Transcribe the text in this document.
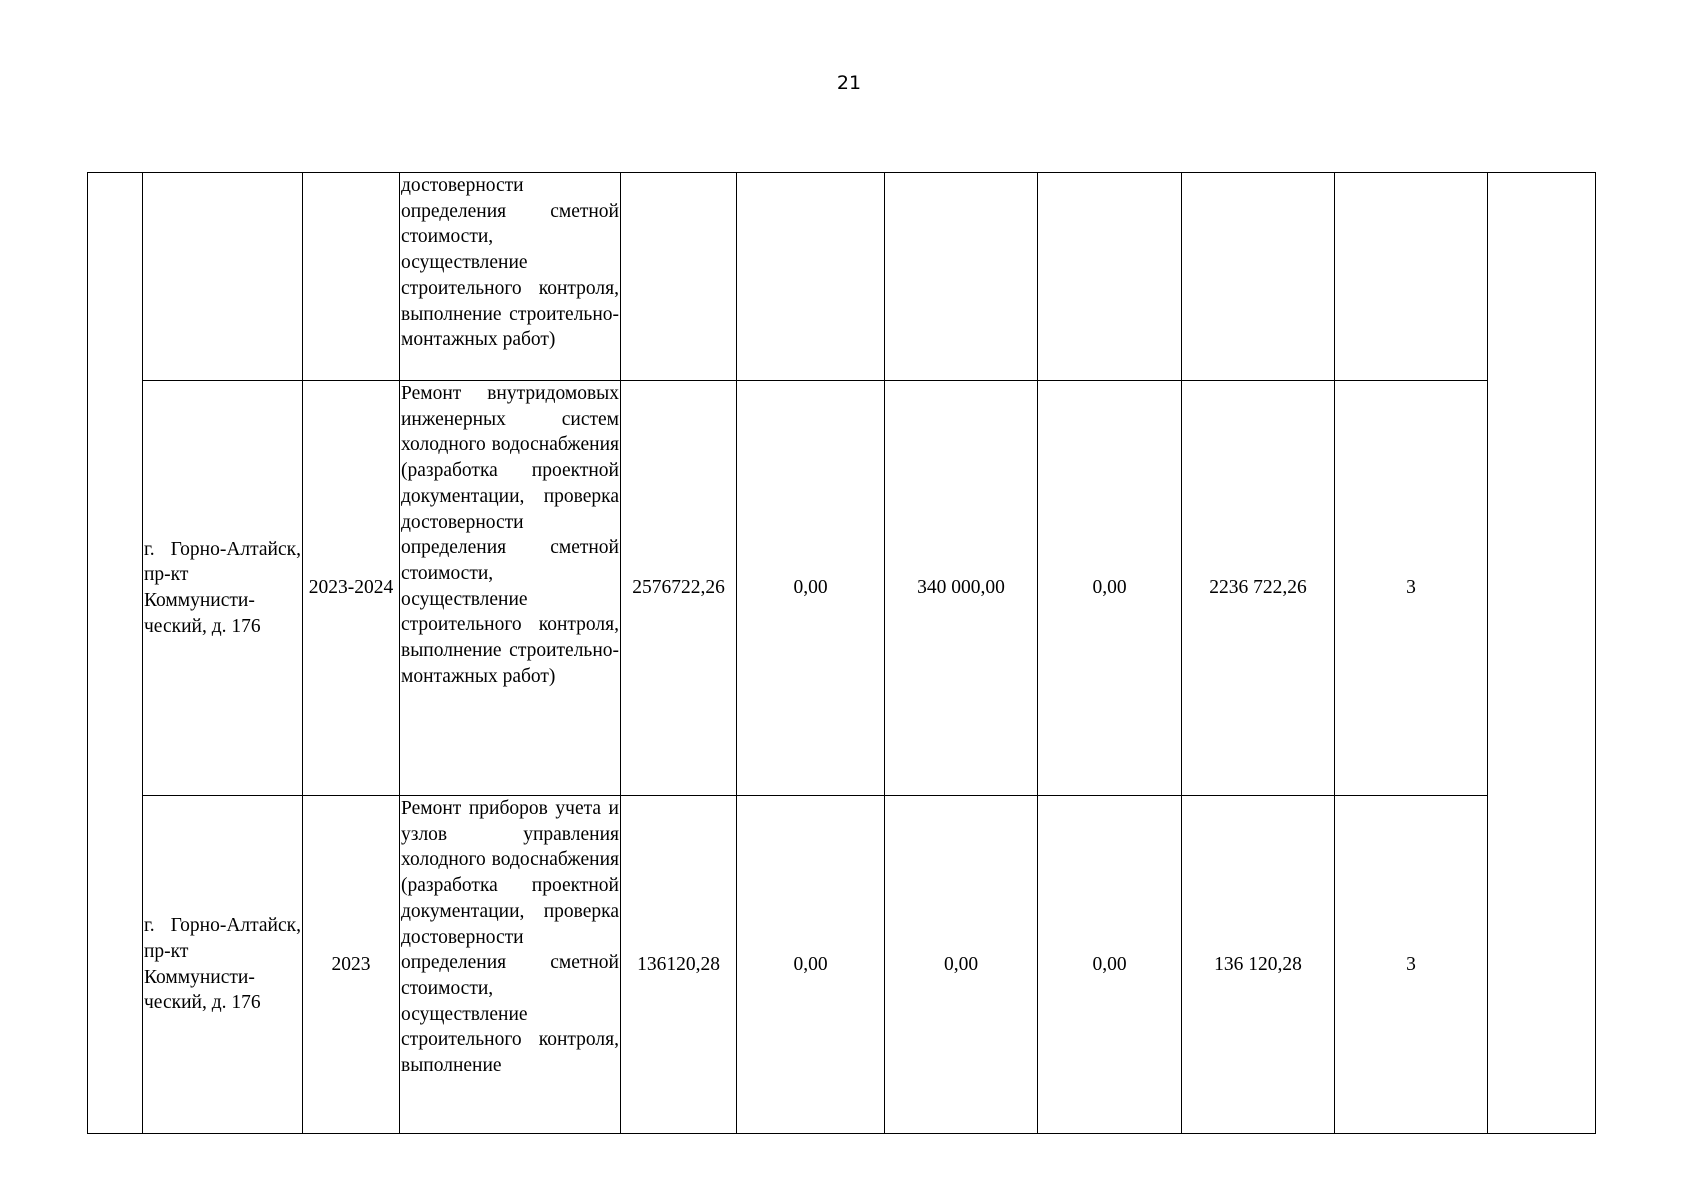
21
			достоверности определения сметной стоимости, осуществление строительного контроля, выполнение строительно-монтажных работ)							
	г. Горно-Алтайск, пр-кт Коммунисти-ческий, д. 176	2023-2024	Ремонт внутридомовых инженерных систем холодного водоснабжения (разработка проектной документации, проверка достоверности определения сметной стоимости, осуществление строительного контроля, выполнение строительно-монтажных работ)	2576722,26	0,00	340 000,00	0,00	2236 722,26	3	
	г. Горно-Алтайск, пр-кт Коммунисти-ческий, д. 176	2023	Ремонт приборов учета и узлов управления холодного водоснабжения (разработка проектной документации, проверка достоверности определения сметной стоимости, осуществление строительного контроля, выполнение	136120,28	0,00	0,00	0,00	136 120,28	3	
